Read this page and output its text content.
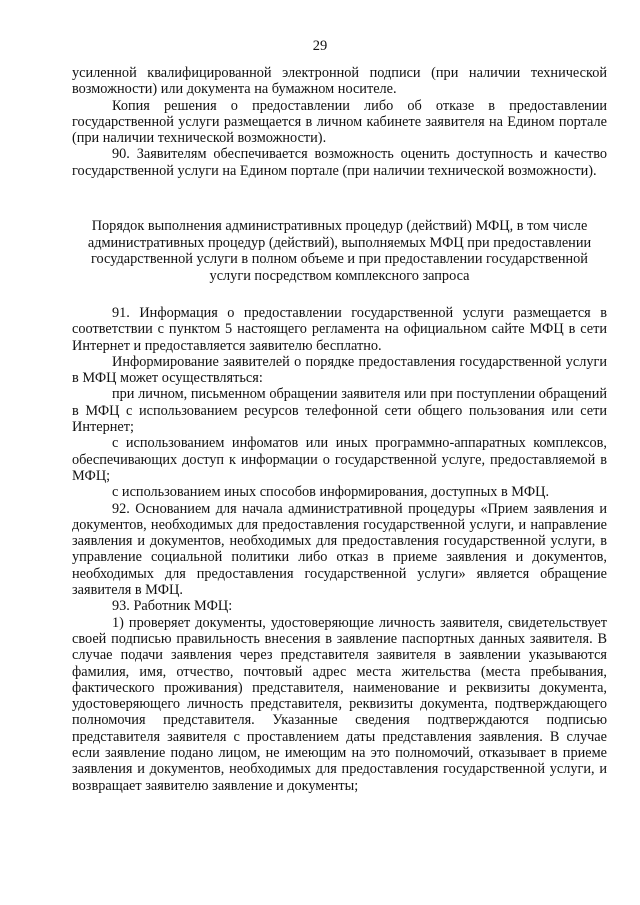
29

усиленной квалифицированной электронной подписи (при наличии технической возможности) или документа на бумажном носителе.

Копия решения о предоставлении либо об отказе в предоставлении государственной услуги размещается в личном кабинете заявителя на Едином портале (при наличии технической возможности).

90. Заявителям обеспечивается возможность оценить доступность и качество государственной услуги на Едином портале (при наличии технической возможности).

Порядок выполнения административных процедур (действий) МФЦ, в том числе административных процедур (действий), выполняемых МФЦ при предоставлении государственной услуги в полном объеме и при предоставлении государственной услуги посредством комплексного запроса

91. Информация о предоставлении государственной услуги размещается в соответствии с пунктом 5 настоящего регламента на официальном сайте МФЦ в сети Интернет и предоставляется заявителю бесплатно.

Информирование заявителей о порядке предоставления государственной услуги в МФЦ может осуществляться:

при личном, письменном обращении заявителя или при поступлении обращений в МФЦ с использованием ресурсов телефонной сети общего пользования или сети Интернет;

с использованием инфоматов или иных программно-аппаратных комплексов, обеспечивающих доступ к информации о государственной услуге, предоставляемой в МФЦ;

с использованием иных способов информирования, доступных в МФЦ.

92. Основанием для начала административной процедуры «Прием заявления и документов, необходимых для предоставления государственной услуги, и направление заявления и документов, необходимых для предоставления государственной услуги, в управление социальной политики либо отказ в приеме заявления и документов, необходимых для предоставления государственной услуги» является обращение заявителя в МФЦ.

93. Работник МФЦ:

1) проверяет документы, удостоверяющие личность заявителя, свидетельствует своей подписью правильность внесения в заявление паспортных данных заявителя. В случае подачи заявления через представителя заявителя в заявлении указываются фамилия, имя, отчество, почтовый адрес места жительства (места пребывания, фактического проживания) представителя, наименование и реквизиты документа, удостоверяющего личность представителя, реквизиты документа, подтверждающего полномочия представителя. Указанные сведения подтверждаются подписью представителя заявителя с проставлением даты представления заявления. В случае если заявление подано лицом, не имеющим на это полномочий, отказывает в приеме заявления и документов, необходимых для предоставления государственной услуги, и возвращает заявителю заявление и документы;
